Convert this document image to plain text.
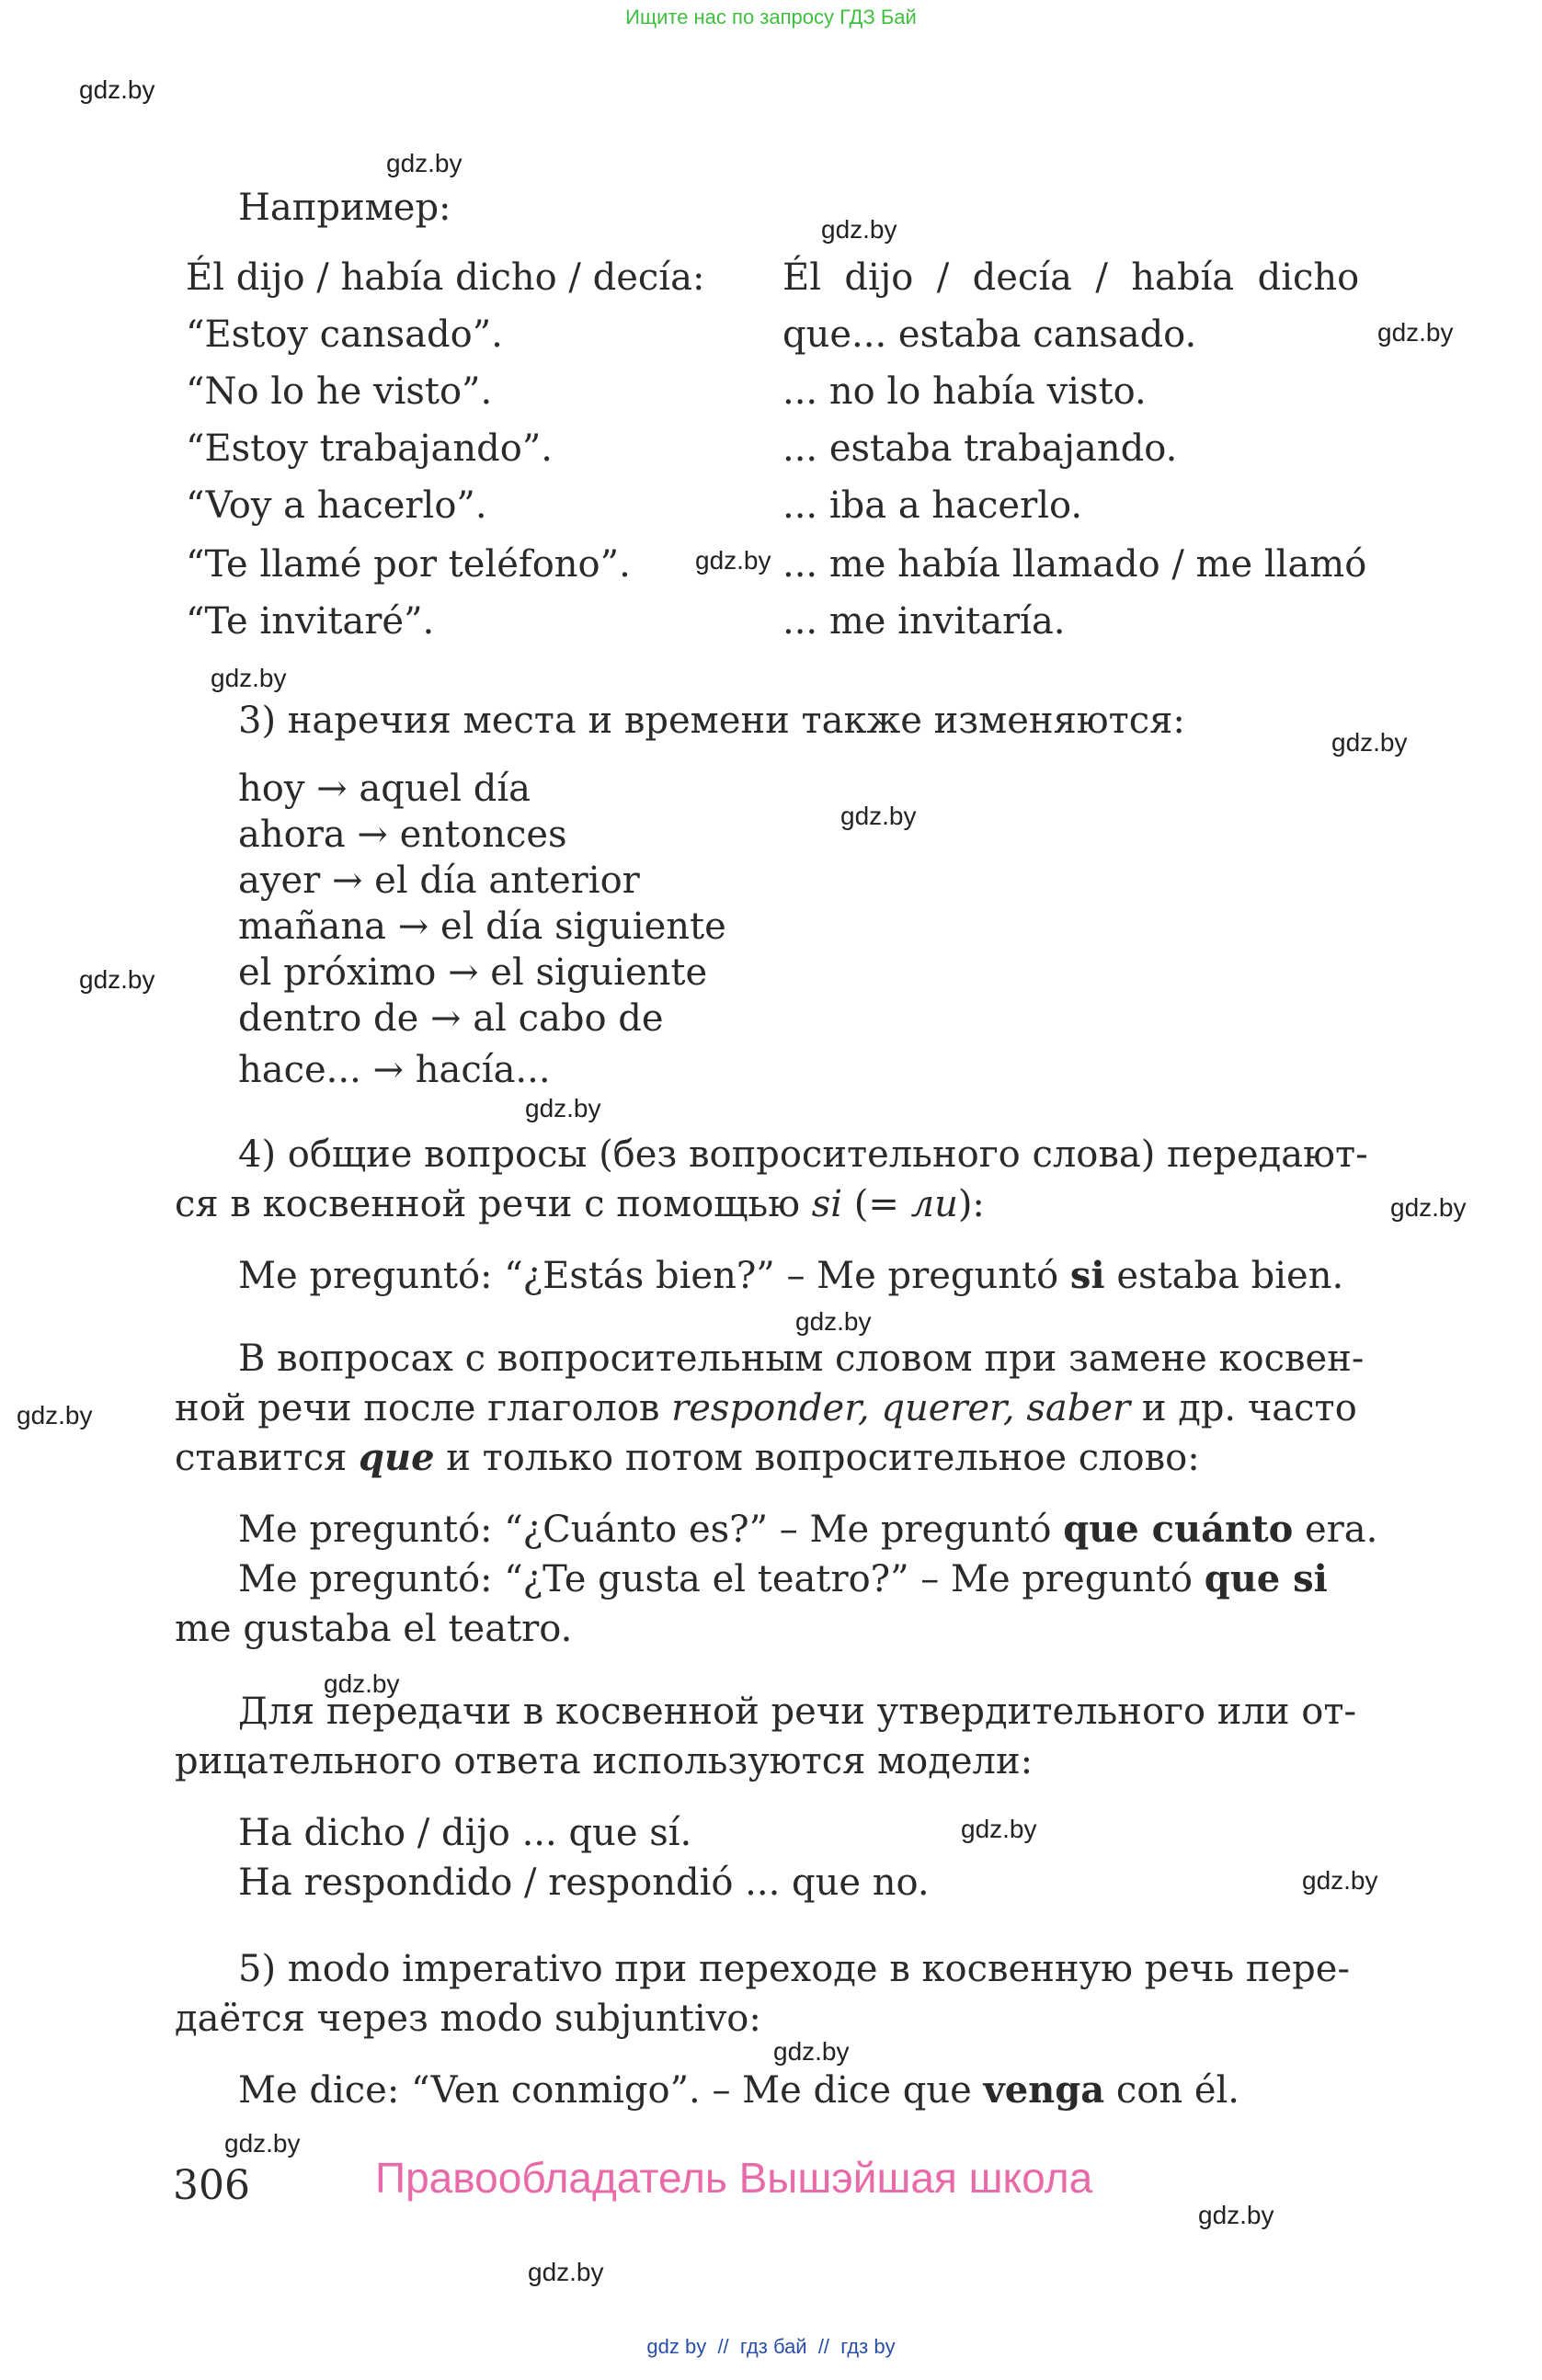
Ищите нас по запросу ГДЗ Бай
gdz.by
gdz.by
gdz.by
gdz.by
gdz.by
gdz.by
gdz.by
gdz.by
gdz.by
gdz.by
gdz.by
gdz.by
gdz.by
gdz.by
gdz.by
gdz.by
gdz.by
gdz.by
gdz.by
gdz.by
Например:
Él dijo / había dicho / decía:
“Estoy cansado”.
“No lo he visto”.
“Estoy trabajando”.
“Voy a hacerlo”.
“Te llamé por teléfono”.
“Te invitaré”.
Él  dijo  /  decía  /  había  dicho
que... estaba cansado.
... no lo había visto.
... estaba trabajando.
... iba a hacerlo.
... me había llamado / me llamó
... me invitaría.
3) наречия места и времени также изменяются:
hoy → aquel día
ahora → entonces
ayer → el día anterior
mañana → el día siguiente
el próximo → el siguiente
dentro de → al cabo de
hace... → hacía...
4) общие вопросы (без вопросительного слова) передают-
ся в косвенной речи с помощью si (= ли):
Me preguntó: “¿Estás bien?” – Me preguntó si estaba bien.
В вопросах с вопросительным словом при замене косвен-
ной речи после глаголов responder, querer, saber и др. часто
ставится que и только потом вопросительное слово:
Me preguntó: “¿Cuánto es?” – Me preguntó que cuánto era.
Me preguntó: “¿Te gusta el teatro?” – Me preguntó que si
me gustaba el teatro.
Для передачи в косвенной речи утвердительного или от-
рицательного ответа используются модели:
Ha dicho / dijo ... que sí.
Ha respondido / respondió ... que no.
5) modo imperativo при переходе в косвенную речь пере-
даётся через modo subjuntivo:
Me dice: “Ven conmigo”. – Me dice que venga con él.
306	Правообладатель Вышэйшая школа
gdz by  //  гдз бай  //  гдз by
